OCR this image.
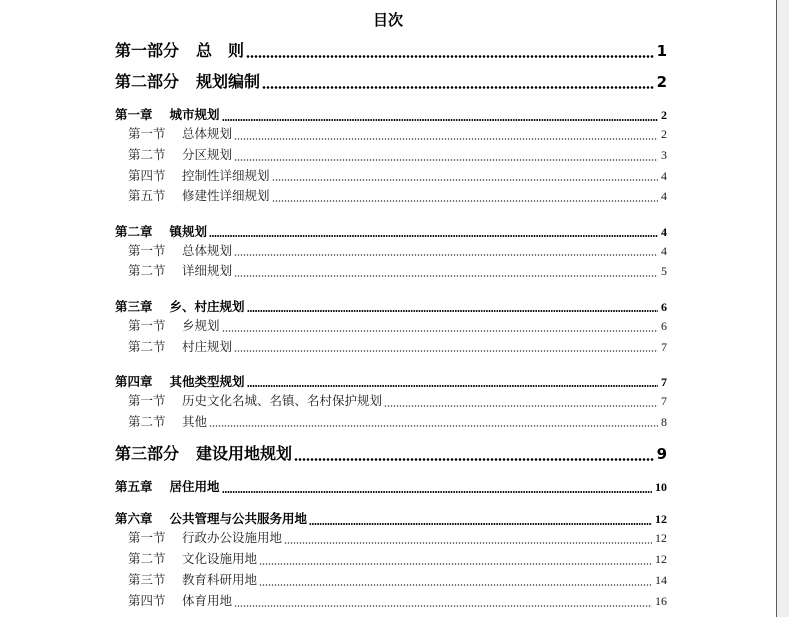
目次
第一部分 总　则	1
第二部分 规划编制	2
第一章 城市规划	2
第一节 总体规划	2
第二节 分区规划	3
第四节 控制性详细规划	4
第五节 修建性详细规划	4
第二章 镇规划	4
第一节 总体规划	4
第二节 详细规划	5
第三章 乡、村庄规划	6
第一节 乡规划	6
第二节 村庄规划	7
第四章 其他类型规划	7
第一节 历史文化名城、名镇、名村保护规划	7
第二节 其他	8
第三部分 建设用地规划	9
第五章 居住用地	10
第六章 公共管理与公共服务用地	12
第一节 行政办公设施用地	12
第二节 文化设施用地	12
第三节 教育科研用地	14
第四节 体育用地	16
